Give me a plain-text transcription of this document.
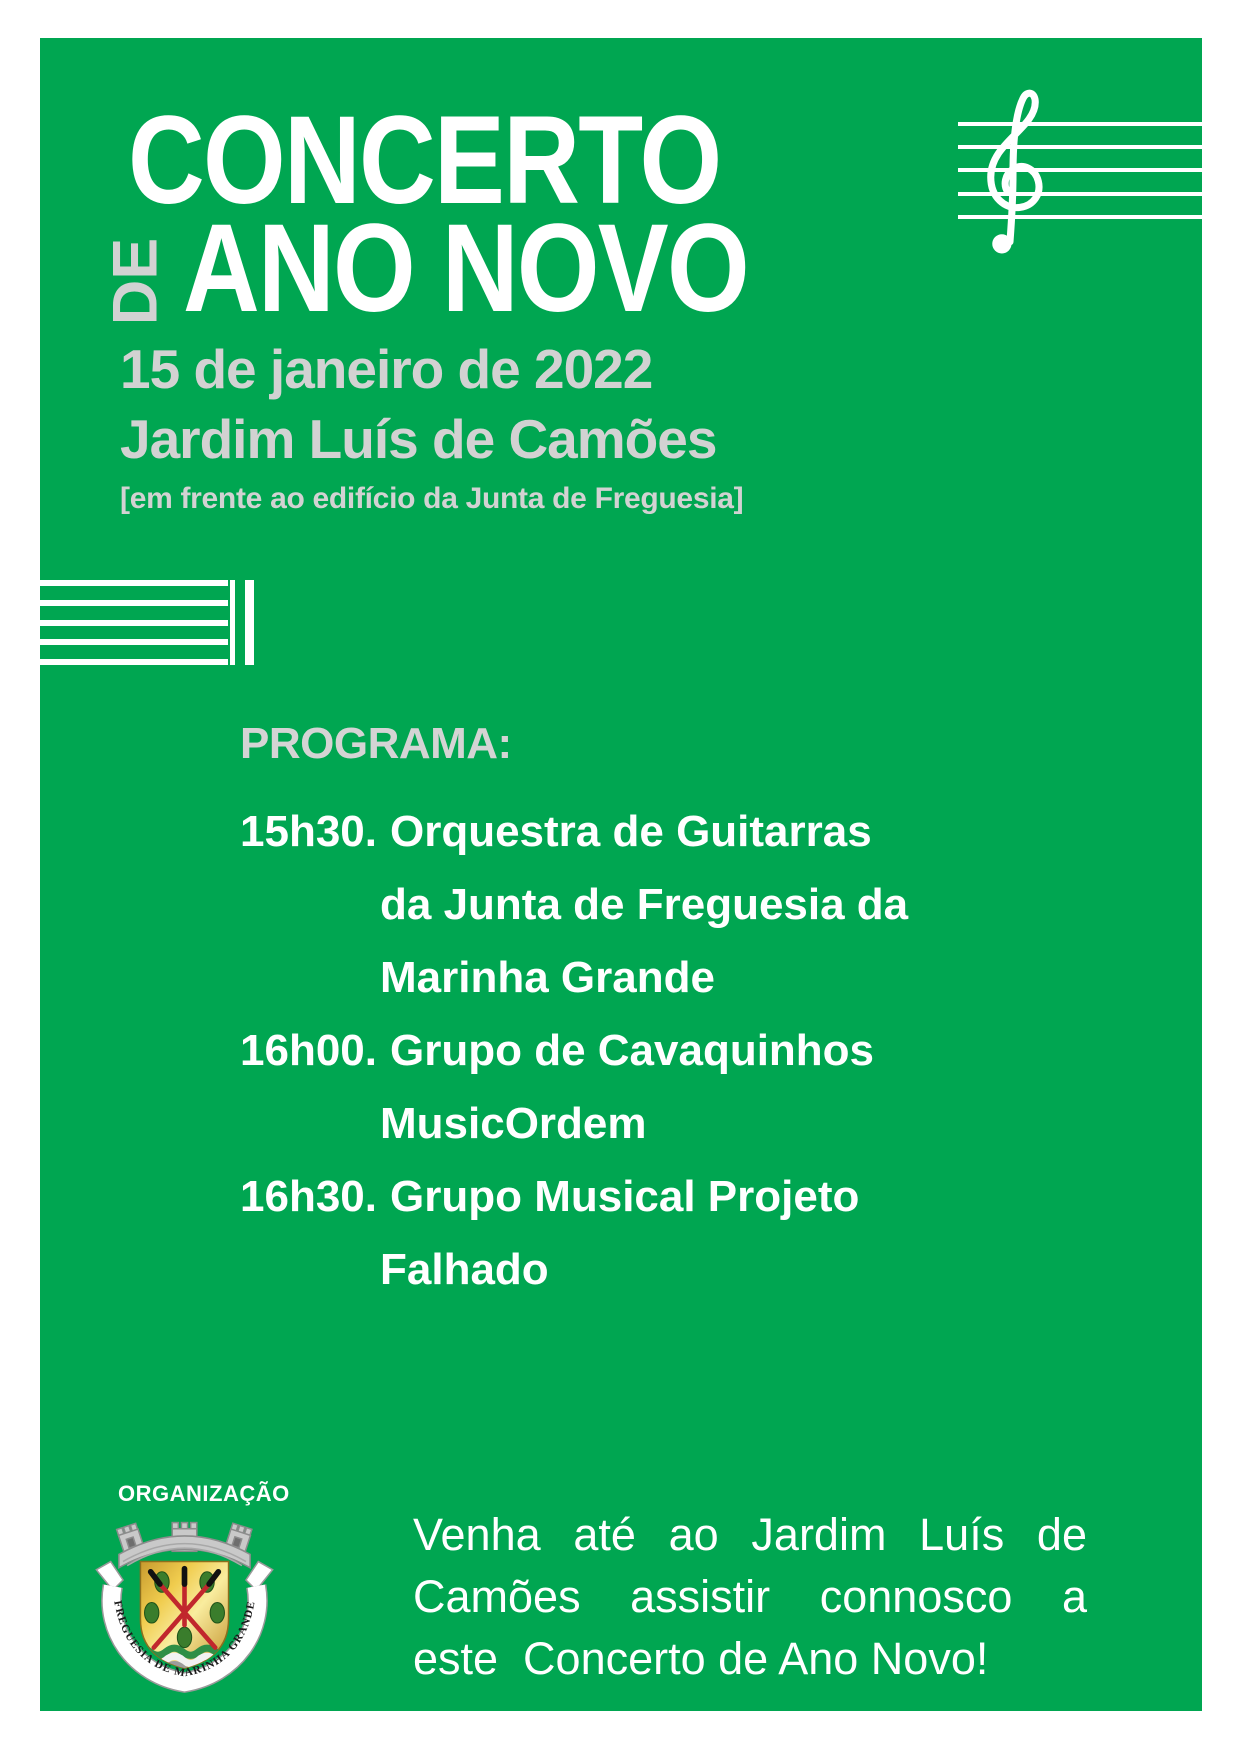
CONCERTO
DE ANO NOVO
15 de janeiro de 2022
Jardim Luís de Camões
[em frente ao edifício da Junta de Freguesia]
PROGRAMA:
15h30. Orquestra de Guitarras
da Junta de Freguesia da
Marinha Grande
16h00. Grupo de Cavaquinhos
MusicOrdem
16h30. Grupo Musical Projeto
Falhado
ORGANIZAÇÃO
FREGUESIA DE MARINHA GRANDE
Venha até ao Jardim Luís de
Camões assistir connosco a
este  Concerto de Ano Novo!
